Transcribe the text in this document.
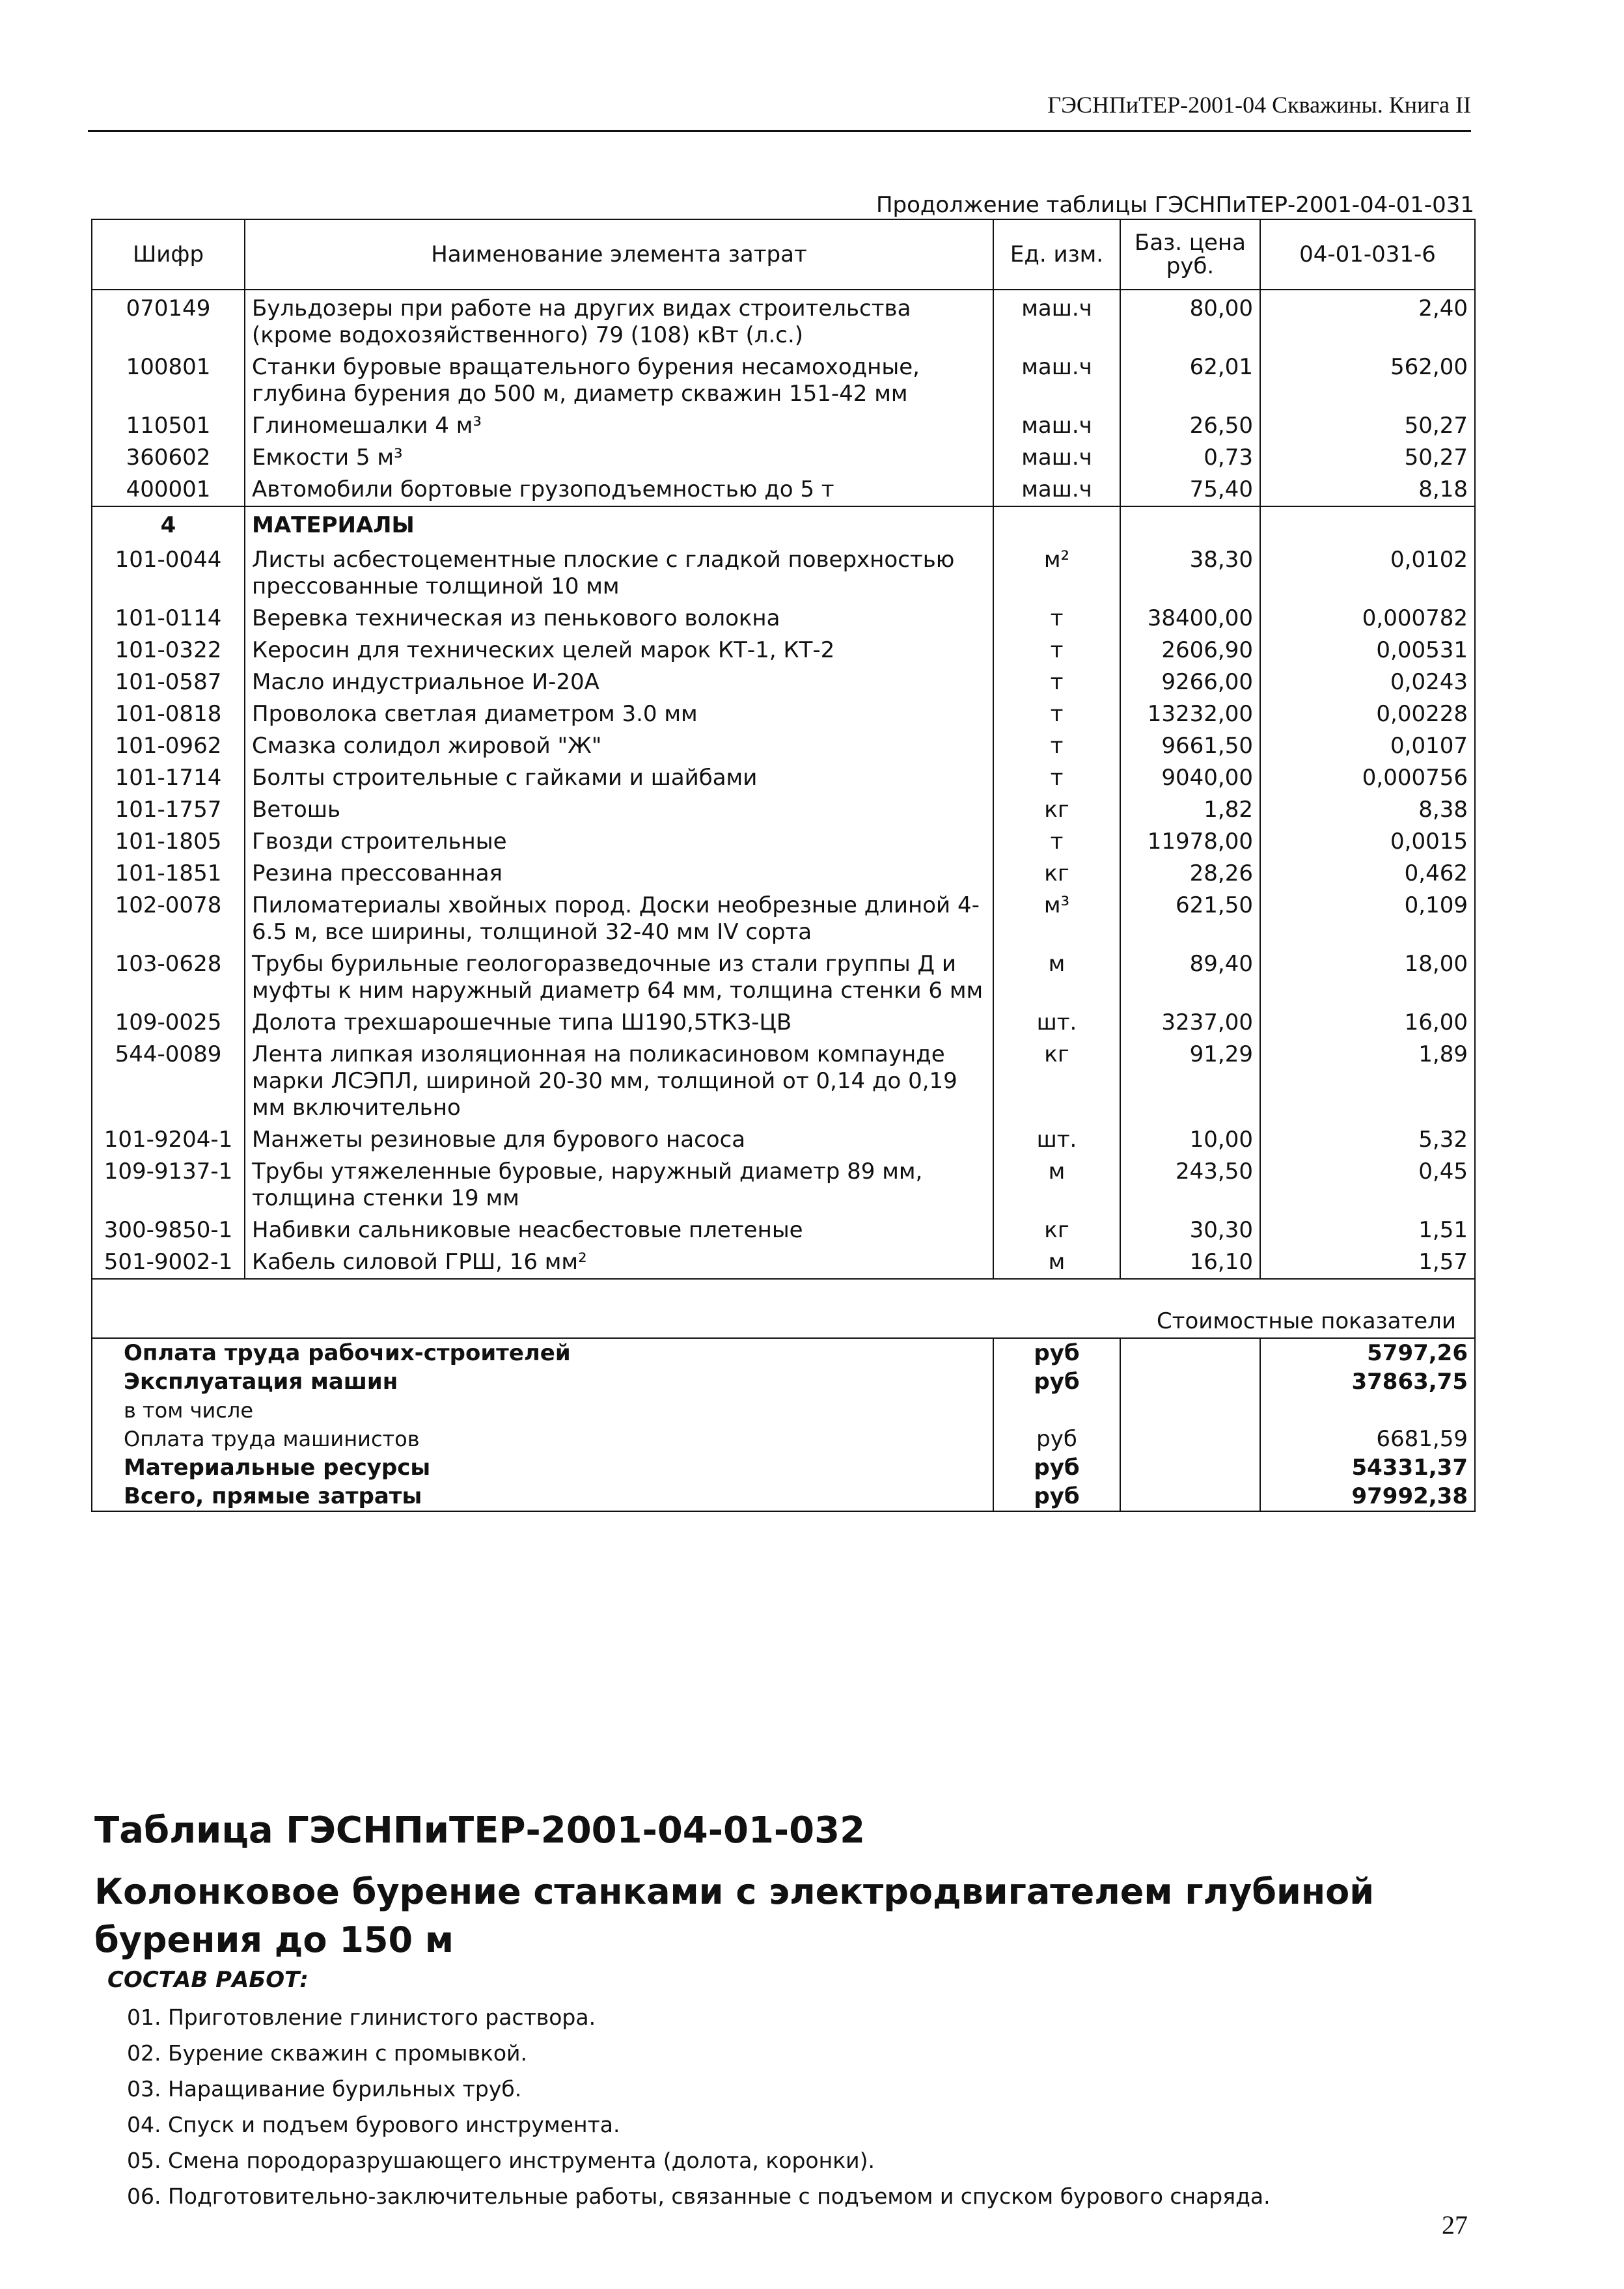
ГЭСНПиТЕР-2001-04 Скважины. Книга II
Продолжение таблицы ГЭСНПиТЕР-2001-04-01-031
Шифр	Наименование элемента затрат	Ед. изм.	Баз. цена руб.	04-01-031-6
070149	Бульдозеры при работе на других видах строительства (кроме водохозяйственного) 79 (108) кВт (л.с.)	маш.ч	80,00	2,40
100801	Станки буровые вращательного бурения несамоходные, глубина бурения до 500 м, диаметр скважин 151-42 мм	маш.ч	62,01	562,00
110501	Глиномешалки 4 м³	маш.ч	26,50	50,27
360602	Емкости 5 м³	маш.ч	0,73	50,27
400001	Автомобили бортовые грузоподъемностью до 5 т	маш.ч	75,40	8,18
4	МАТЕРИАЛЫ			
101-0044	Листы асбестоцементные плоские с гладкой поверхностью прессованные толщиной 10 мм	м²	38,30	0,0102
101-0114	Веревка техническая из пенькового волокна	т	38400,00	0,000782
101-0322	Керосин для технических целей марок КТ-1, КТ-2	т	2606,90	0,00531
101-0587	Масло индустриальное И-20А	т	9266,00	0,0243
101-0818	Проволока светлая диаметром 3.0 мм	т	13232,00	0,00228
101-0962	Смазка солидол жировой "Ж"	т	9661,50	0,0107
101-1714	Болты строительные с гайками и шайбами	т	9040,00	0,000756
101-1757	Ветошь	кг	1,82	8,38
101-1805	Гвозди строительные	т	11978,00	0,0015
101-1851	Резина прессованная	кг	28,26	0,462
102-0078	Пиломатериалы хвойных пород. Доски необрезные длиной 4-6.5 м, все ширины, толщиной 32-40 мм IV сорта	м³	621,50	0,109
103-0628	Трубы бурильные геологоразведочные из стали группы Д и муфты к ним наружный диаметр 64 мм, толщина стенки 6 мм	м	89,40	18,00
109-0025	Долота трехшарошечные типа Ш190,5ТКЗ-ЦВ	шт.	3237,00	16,00
544-0089	Лента липкая изоляционная на поликасиновом компаунде марки ЛСЭПЛ, шириной 20-30 мм, толщиной от 0,14 до 0,19 мм включительно	кг	91,29	1,89
101-9204-1	Манжеты резиновые для бурового насоса	шт.	10,00	5,32
109-9137-1	Трубы утяжеленные буровые, наружный диаметр 89 мм, толщина стенки 19 мм	м	243,50	0,45
300-9850-1	Набивки сальниковые неасбестовые плетеные	кг	30,30	1,51
501-9002-1	Кабель силовой ГРШ, 16 мм²	м	16,10	1,57
Стоимостные показатели				
Оплата труда рабочих-строителей		руб		5797,26
Эксплуатация машин		руб		37863,75
в том числе				
Оплата труда машинистов		руб		6681,59
Материальные ресурсы		руб		54331,37
Всего, прямые затраты		руб		97992,38
Таблица ГЭСНПиТЕР-2001-04-01-032
Колонковое бурение станками с электродвигателем глубиной бурения до 150 м
СОСТАВ РАБОТ:
01. Приготовление глинистого раствора.
02. Бурение скважин с промывкой.
03. Наращивание бурильных труб.
04. Спуск и подъем бурового инструмента.
05. Смена породоразрушающего инструмента (долота, коронки).
06. Подготовительно-заключительные работы, связанные с подъемом и спуском бурового снаряда.
27
